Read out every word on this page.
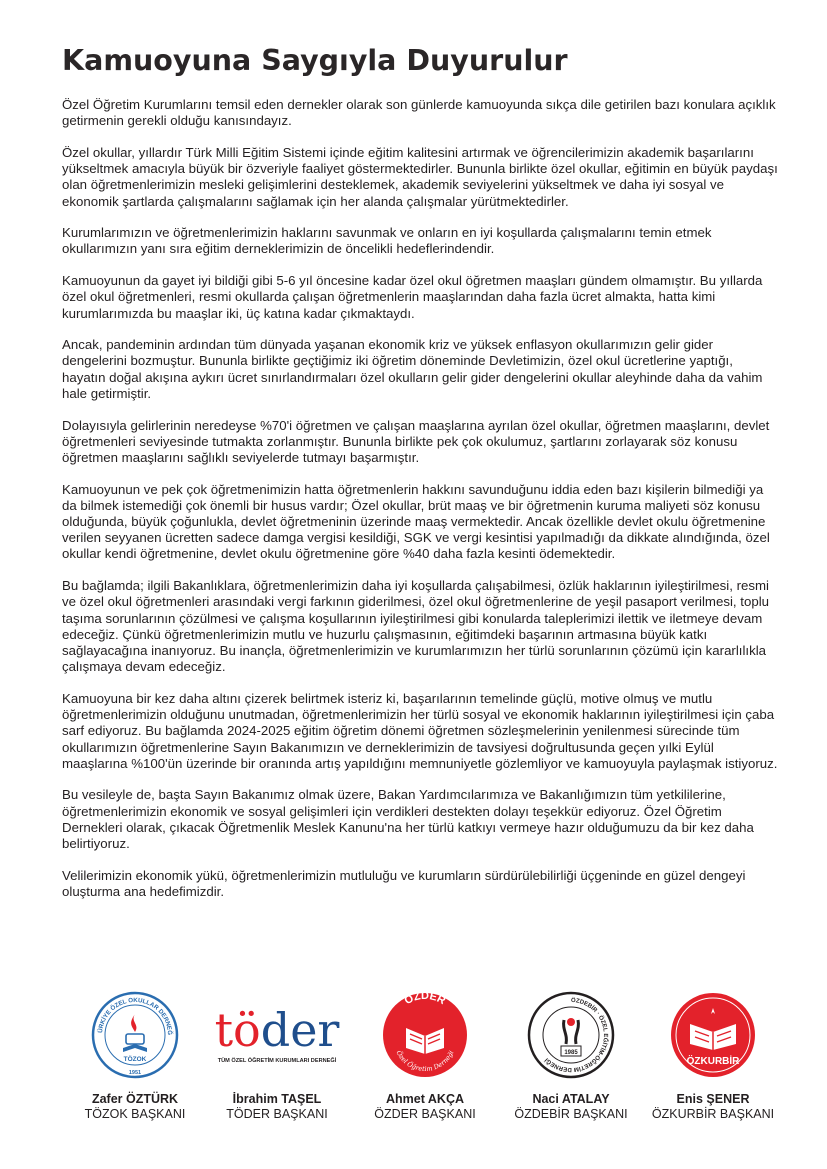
Kamuoyuna Saygıyla Duyurulur

Özel Öğretim Kurumlarını temsil eden dernekler olarak son günlerde kamuoyunda sıkça dile getirilen bazı konulara açıklık getirmenin gerekli olduğu kanısındayız.

Özel okullar, yıllardır Türk Milli Eğitim Sistemi içinde eğitim kalitesini artırmak ve öğrencilerimizin akademik başarılarını yükseltmek amacıyla büyük bir özveriyle faaliyet göstermektedirler. Bununla birlikte özel okullar, eğitimin en büyük paydaşı olan öğretmenlerimizin mesleki gelişimlerini desteklemek, akademik seviyelerini yükseltmek ve daha iyi sosyal ve ekonomik şartlarda çalışmalarını sağlamak için her alanda çalışmalar yürütmektedirler.

Kurumlarımızın ve öğretmenlerimizin haklarını savunmak ve onların en iyi koşullarda çalışmalarını temin etmek okullarımızın yanı sıra eğitim derneklerimizin de öncelikli hedeflerindendir.

Kamuoyunun da gayet iyi bildiği gibi 5-6 yıl öncesine kadar özel okul öğretmen maaşları gündem olmamıştır. Bu yıllarda özel okul öğretmenleri, resmi okullarda çalışan öğretmenlerin maaşlarından daha fazla ücret almakta, hatta kimi kurumlarımızda bu maaşlar iki, üç katına kadar çıkmaktaydı.

Ancak, pandeminin ardından tüm dünyada yaşanan ekonomik kriz ve yüksek enflasyon okullarımızın gelir gider dengelerini bozmuştur. Bununla birlikte geçtiğimiz iki öğretim döneminde Devletimizin, özel okul ücretlerine yaptığı, hayatın doğal akışına aykırı ücret sınırlandırmaları özel okulların gelir gider dengelerini okullar aleyhinde daha da vahim hale getirmiştir.

Dolayısıyla gelirlerinin neredeyse %70'i öğretmen ve çalışan maaşlarına ayrılan özel okullar, öğretmen maaşlarını, devlet öğretmenleri seviyesinde tutmakta zorlanmıştır. Bununla birlikte pek çok okulumuz, şartlarını zorlayarak söz konusu öğretmen maaşlarını sağlıklı seviyelerde tutmayı başarmıştır.

Kamuoyunun ve pek çok öğretmenimizin hatta öğretmenlerin hakkını savunduğunu iddia eden bazı kişilerin bilmediği ya da bilmek istemediği çok önemli bir husus vardır; Özel okullar, brüt maaş ve bir öğretmenin kuruma maliyeti söz konusu olduğunda, büyük çoğunlukla, devlet öğretmeninin üzerinde maaş vermektedir. Ancak özellikle devlet okulu öğretmenine verilen seyyanen ücretten sadece damga vergisi kesildiği, SGK ve vergi kesintisi yapılmadığı da dikkate alındığında, özel okullar kendi öğretmenine, devlet okulu öğretmenine göre %40 daha fazla kesinti ödemektedir.

Bu bağlamda; ilgili Bakanlıklara, öğretmenlerimizin daha iyi koşullarda çalışabilmesi, özlük haklarının iyileştirilmesi, resmi ve özel okul öğretmenleri arasındaki vergi farkının giderilmesi, özel okul öğretmenlerine de yeşil pasaport verilmesi, toplu taşıma sorunlarının çözülmesi ve çalışma koşullarının iyileştirilmesi gibi konularda taleplerimizi ilettik ve iletmeye devam edeceğiz. Çünkü öğretmenlerimizin mutlu ve huzurlu çalışmasının, eğitimdeki başarının artmasına büyük katkı sağlayacağına inanıyoruz. Bu inançla, öğretmenlerimizin ve kurumlarımızın her türlü sorunlarının çözümü için kararlılıkla çalışmaya devam edeceğiz.

Kamuoyuna bir kez daha altını çizerek belirtmek isteriz ki, başarılarının temelinde güçlü, motive olmuş ve mutlu öğretmenlerimizin olduğunu unutmadan, öğretmenlerimizin her türlü sosyal ve ekonomik haklarının iyileştirilmesi için çaba sarf ediyoruz. Bu bağlamda 2024-2025 eğitim öğretim dönemi öğretmen sözleşmelerinin yenilenmesi sürecinde tüm okullarımızın öğretmenlerine Sayın Bakanımızın ve derneklerimizin de tavsiyesi doğrultusunda geçen yılki Eylül maaşlarına %100'ün üzerinde bir oranında artış yapıldığını memnuniyetle gözlemliyor ve kamuoyuyla paylaşmak istiyoruz.

Bu vesileyle de, başta Sayın Bakanımız olmak üzere, Bakan Yardımcılarımıza ve Bakanlığımızın tüm yetkililerine, öğretmenlerimizin ekonomik ve sosyal gelişimleri için verdikleri destekten dolayı teşekkür ediyoruz. Özel Öğretim Dernekleri olarak, çıkacak Öğretmenlik Meslek Kanunu'na her türlü katkıyı vermeye hazır olduğumuzu da bir kez daha belirtiyoruz.

Velilerimizin ekonomik yükü, öğretmenlerimizin mutluluğu ve kurumların sürdürülebilirliği üçgeninde en güzel dengeyi oluşturma ana hedefimizdir.

ÜRKİYE ÖZEL OKULLAR DERNEĞ
TÖZOK
1951
Zafer ÖZTÜRK
TÖZOK BAŞKANI
töder
TÜM ÖZEL ÖĞRETİM KURUMLARI DERNEĞİ
İbrahim TAŞEL
TÖDER BAŞKANI
ÖZDER
Özel Öğretim Derneği
Ahmet AKÇA
ÖZDER BAŞKANI
ÖZDEBİR · ÖZEL EĞİTİM-ÖĞRETİM DERNEĞİ
1985
Naci ATALAY
ÖZDEBİR BAŞKANI
ÖZKURBİR
Enis ŞENER
ÖZKURBİR BAŞKANI
